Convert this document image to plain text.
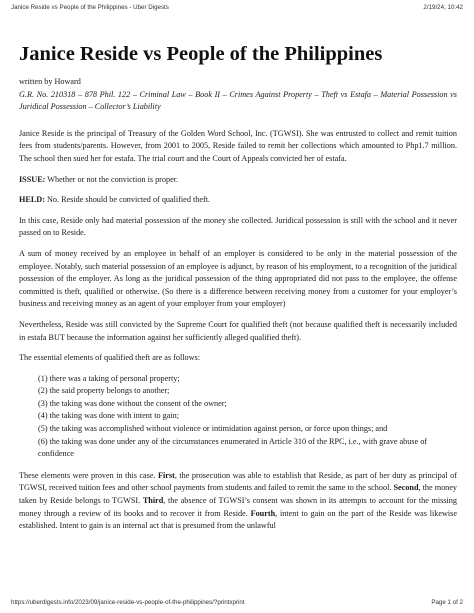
Janice Reside vs People of the Philippines - Uber Digests	2/19/24, 10:42
Janice Reside vs People of the Philippines

written by Howard

G.R. No. 210318 – 878 Phil. 122 – Criminal Law – Book II – Crimes Against Property – Theft vs Estafa – Material Possession vs Juridical Possession – Collector’s Liability

Janice Reside is the principal of Treasury of the Golden Word School, Inc. (TGWSI). She was entrusted to collect and remit tuition fees from students/parents. However, from 2001 to 2005, Reside failed to remit her collections which amounted to Php1.7 million. The school then sued her for estafa. The trial court and the Court of Appeals convicted her of estafa.

ISSUE: Whether or not the conviction is proper.

HELD: No. Reside should be convicted of qualified theft.

In this case, Reside only had material possession of the money she collected. Juridical possession is still with the school and it never passed on to Reside.

A sum of money received by an employee in behalf of an employer is considered to be only in the material possession of the employee. Notably, such material possession of an employee is adjunct, by reason of his employment, to a recognition of the juridical possession of the employer. As long as the juridical possession of the thing appropriated did not pass to the employee, the offense committed is theft, qualified or otherwise. (So there is a difference between receiving money from a customer for your employer’s business and receiving money as an agent of your employer from your employer)

Nevertheless, Reside was still convicted by the Supreme Court for qualified theft (not because qualified theft is necessarily included in estafa BUT because the information against her sufficiently alleged qualified theft).

The essential elements of qualified theft are as follows:

(1) there was a taking of personal property;
(2) the said property belongs to another;
(3) the taking was done without the consent of the owner;
(4) the taking was done with intent to gain;
(5) the taking was accomplished without violence or intimidation against person, or force upon things; and
(6) the taking was done under any of the circumstances enumerated in Article 310 of the RPC, i.e., with grave abuse of confidence

These elements were proven in this case. First, the prosecution was able to establish that Reside, as part of her duty as principal of TGWSI, received tuition fees and other school payments from students and failed to remit the same to the school. Second, the money taken by Reside belongs to TGWSI. Third, the absence of TGWSI’s consent was shown in its attempts to account for the missing money through a review of its books and to recover it from Reside. Fourth, intent to gain on the part of the Reside was likewise established. Intent to gain is an internal act that is presumed from the unlawful

https://uberdigests.info/2023/09/janice-reside-vs-people-of-the-philippines/?printxprint	Page 1 of 2
